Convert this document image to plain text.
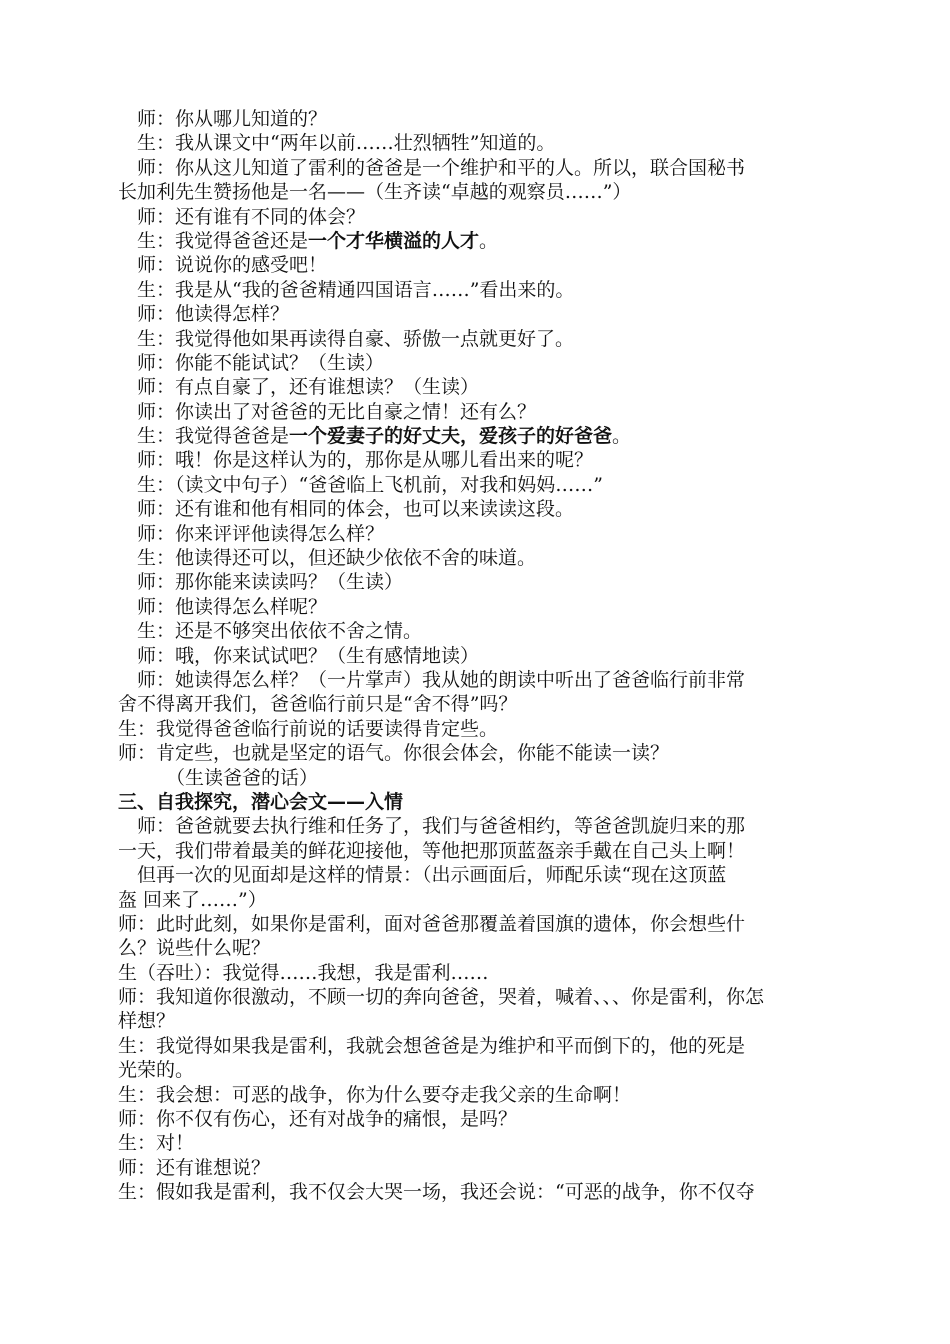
师：你从哪儿知道的？
生：我从课文中“两年以前……壮烈牺牲”知道的。
师：你从这儿知道了雷利的爸爸是一个维护和平的人。所以，联合国秘书
长加利先生赞扬他是一名——（生齐读“卓越的观察员……”）
师：还有谁有不同的体会？
生：我觉得爸爸还是一个才华横溢的人才。
师：说说你的感受吧！
生：我是从“我的爸爸精通四国语言……”看出来的。
师：他读得怎样？
生：我觉得他如果再读得自豪、骄傲一点就更好了。
师：你能不能试试？（生读）
师：有点自豪了，还有谁想读？（生读）
师：你读出了对爸爸的无比自豪之情！还有么？
生：我觉得爸爸是一个爱妻子的好丈夫，爱孩子的好爸爸。
师：哦！你是这样认为的，那你是从哪儿看出来的呢？
生：（读文中句子）“爸爸临上飞机前，对我和妈妈……”
师：还有谁和他有相同的体会，也可以来读读这段。
师：你来评评他读得怎么样？
生：他读得还可以，但还缺少依依不舍的味道。
师：那你能来读读吗？（生读）
师：他读得怎么样呢？
生：还是不够突出依依不舍之情。
师：哦，你来试试吧？（生有感情地读）
师：她读得怎么样？（一片掌声）我从她的朗读中听出了爸爸临行前非常
舍不得离开我们，爸爸临行前只是“舍不得”吗？
生：我觉得爸爸临行前说的话要读得肯定些。
师：肯定些，也就是坚定的语气。你很会体会，你能不能读一读？
（生读爸爸的话）
三、自我探究，潜心会文——入情
师：爸爸就要去执行维和任务了，我们与爸爸相约，等爸爸凯旋归来的那
一天，我们带着最美的鲜花迎接他，等他把那顶蓝盔亲手戴在自己头上啊！
但再一次的见面却是这样的情景：（出示画面后，师配乐读“现在这顶蓝
盔 回来了……”）
师：此时此刻，如果你是雷利，面对爸爸那覆盖着国旗的遗体，你会想些什
么？说些什么呢？
生（吞吐）：我觉得……我想，我是雷利……
师：我知道你很激动，不顾一切的奔向爸爸，哭着，喊着、、、你是雷利，你怎
样想？
生：我觉得如果我是雷利，我就会想爸爸是为维护和平而倒下的，他的死是
光荣的。
生：我会想：可恶的战争，你为什么要夺走我父亲的生命啊！
师：你不仅有伤心，还有对战争的痛恨，是吗？
生：对！
师：还有谁想说？
生：假如我是雷利，我不仅会大哭一场，我还会说：“可恶的战争，你不仅夺
